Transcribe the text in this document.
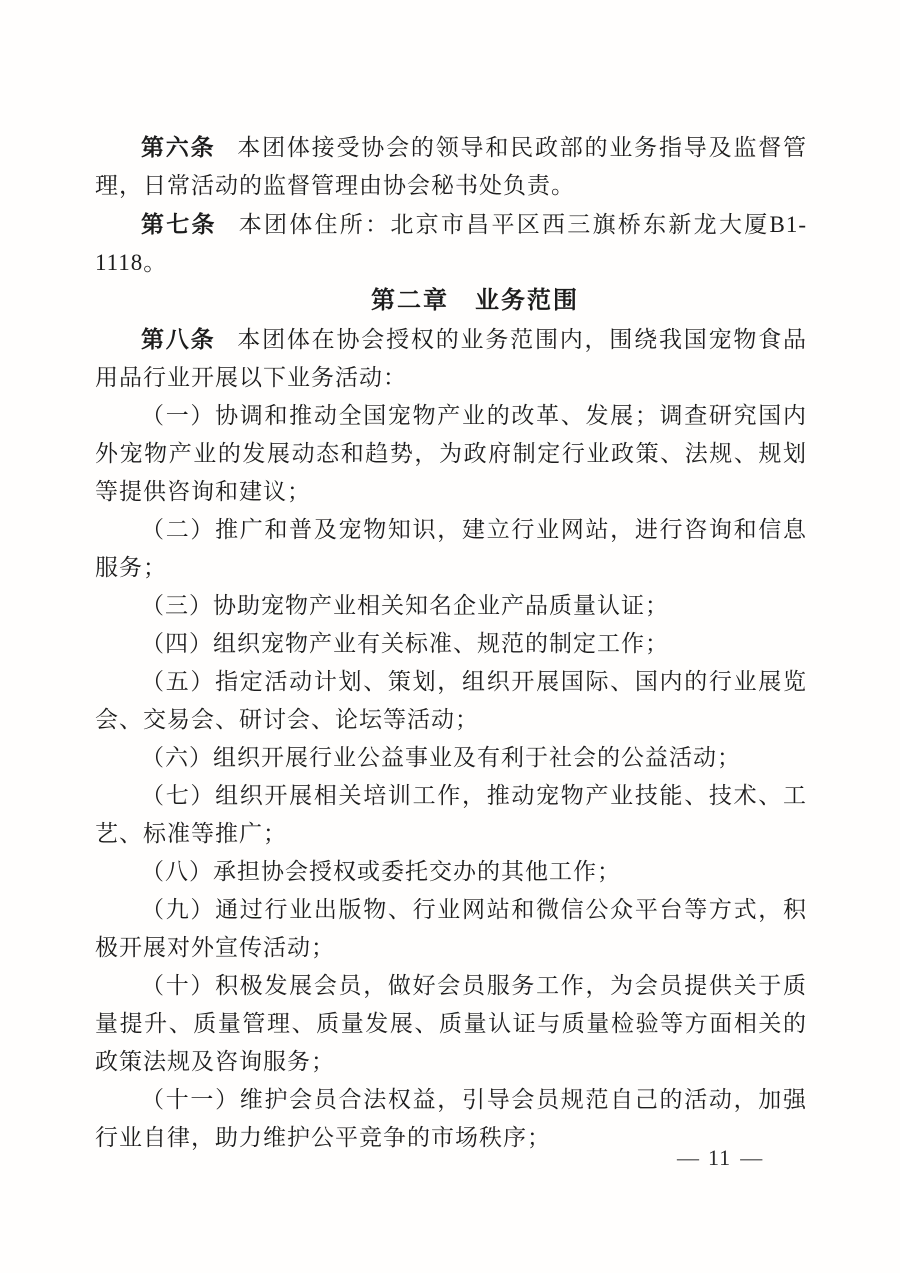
第六条 本团体接受协会的领导和民政部的业务指导及监督管理，日常活动的监督管理由协会秘书处负责。

第七条 本团体住所：北京市昌平区西三旗桥东新龙大厦B1-1118。

第二章　业务范围

第八条 本团体在协会授权的业务范围内，围绕我国宠物食品用品行业开展以下业务活动：

（一）协调和推动全国宠物产业的改革、发展；调查研究国内外宠物产业的发展动态和趋势，为政府制定行业政策、法规、规划等提供咨询和建议；

（二）推广和普及宠物知识，建立行业网站，进行咨询和信息服务；

（三）协助宠物产业相关知名企业产品质量认证；

（四）组织宠物产业有关标准、规范的制定工作；

（五）指定活动计划、策划，组织开展国际、国内的行业展览会、交易会、研讨会、论坛等活动；

（六）组织开展行业公益事业及有利于社会的公益活动；

（七）组织开展相关培训工作，推动宠物产业技能、技术、工艺、标准等推广；

（八）承担协会授权或委托交办的其他工作；

（九）通过行业出版物、行业网站和微信公众平台等方式，积极开展对外宣传活动；

（十）积极发展会员，做好会员服务工作，为会员提供关于质量提升、质量管理、质量发展、质量认证与质量检验等方面相关的政策法规及咨询服务；

（十一）维护会员合法权益，引导会员规范自己的活动，加强行业自律，助力维护公平竞争的市场秩序；

— 11 —
